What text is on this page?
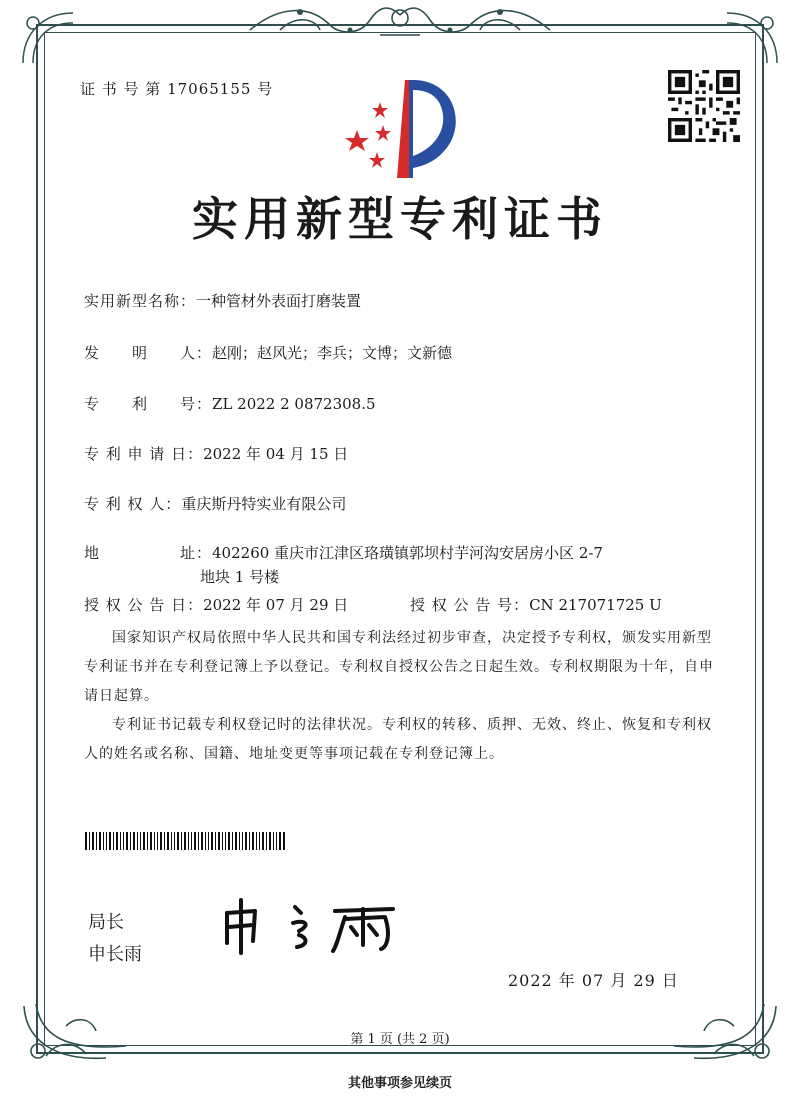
证 书 号 第 17065155 号
实用新型专利证书
实用新型名称：一种管材外表面打磨装置
发　　明　　人：赵刚；赵风光；李兵；文博；文新德
专　　利　　号：ZL 2022 2 0872308.5
专 利 申 请 日：2022 年 04 月 15 日
专 利 权 人：重庆斯丹特实业有限公司
地　　　　　址：402260 重庆市江津区珞璜镇郭坝村芋河沟安居房小区 2-7
地块 1 号楼
授 权 公 告 日：2022 年 07 月 29 日	授 权 公 告 号：CN 217071725 U
国家知识产权局依照中华人民共和国专利法经过初步审查，决定授予专利权，颁发实用新型专利证书并在专利登记簿上予以登记。专利权自授权公告之日起生效。专利权期限为十年，自申请日起算。
专利证书记载专利权登记时的法律状况。专利权的转移、质押、无效、终止、恢复和专利权人的姓名或名称、国籍、地址变更等事项记载在专利登记簿上。
局长
申长雨
2022 年 07 月 29 日
第 1 页 (共 2 页)
其他事项参见续页
